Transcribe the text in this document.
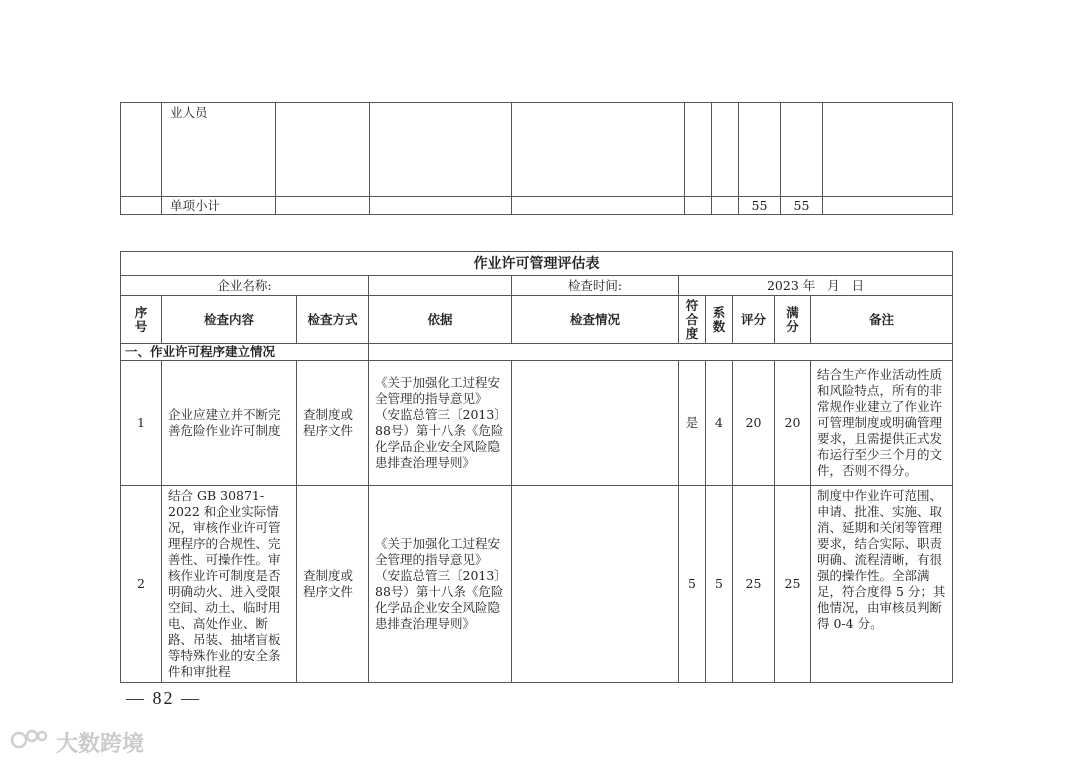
	业人员								
	单项小计						55	55	
作业许可管理评估表									
企业名称:				检查时间:	2023 年   月   日				

序号	检查内容	检查方式	依据	检查情况	符合度	系数	评分	满分	备注
一、作业许可程序建立情况									
1	企业应建立并不断完善危险作业许可制度	查制度或程序文件	《关于加强化工过程安全管理的指导意见》（安监总管三〔2013〕88号）第十八条《危险化学品企业安全风险隐患排查治理导则》		是	4	20	20	结合生产作业活动性质和风险特点，所有的非常规作业建立了作业许可管理制度或明确管理要求，且需提供正式发布运行至少三个月的文件，否则不得分。
2	结合 GB 30871-2022 和企业实际情况，审核作业许可管理程序的合规性、完善性、可操作性。审核作业许可制度是否明确动火、进入受限空间、动土、临时用电、高处作业、断路、吊装、抽堵盲板等特殊作业的安全条件和审批程	查制度或程序文件	《关于加强化工过程安全管理的指导意见》（安监总管三〔2013〕88号）第十八条《危险化学品企业安全风险隐患排查治理导则》		5	5	25	25	制度中作业许可范围、申请、批准、实施、取消、延期和关闭等管理要求，结合实际、职责明确、流程清晰，有很强的操作性。全部满足，符合度得 5 分；其他情况，由审核员判断得 0-4 分。
— 82 —
大数跨境
